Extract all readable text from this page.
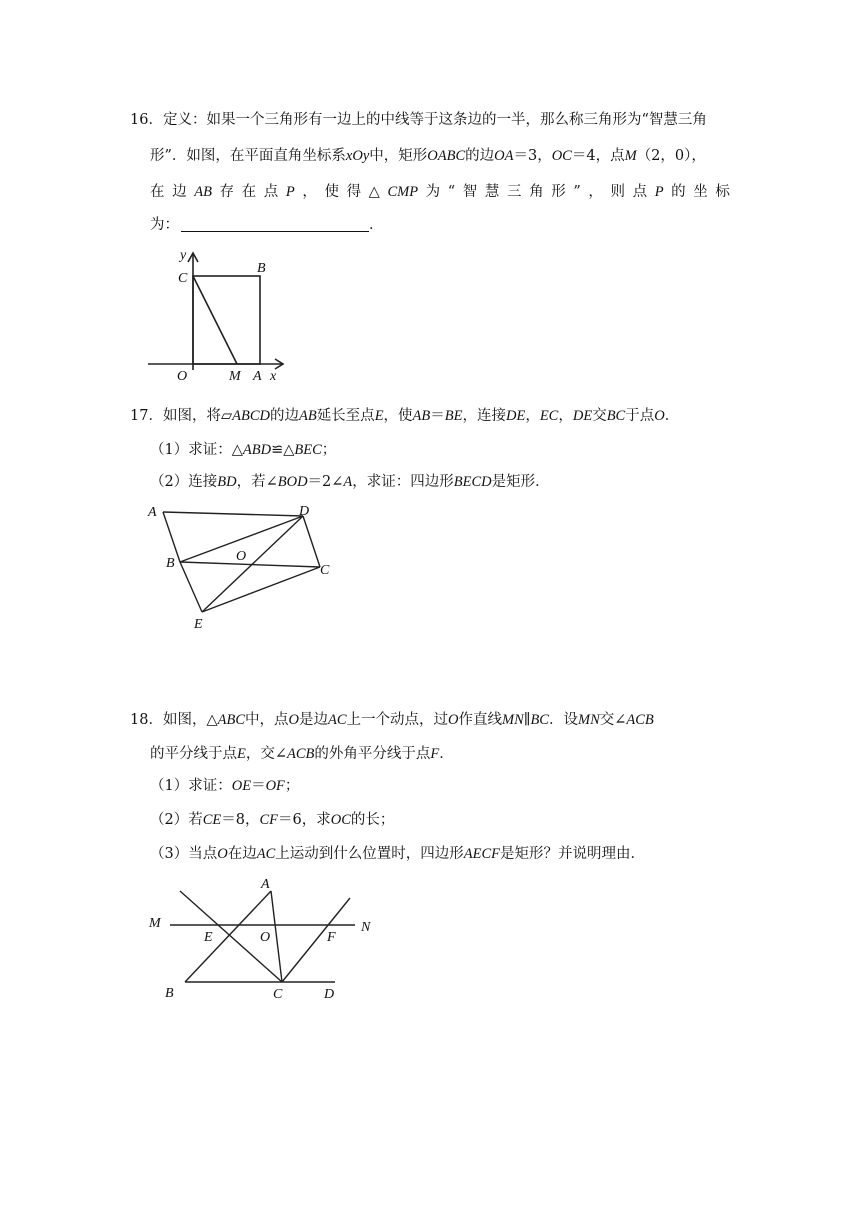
16．定义：如果一个三角形有一边上的中线等于这条边的一半，那么称三角形为“智慧三角
形”．如图，在平面直角坐标系xOy中，矩形OABC的边OA＝3，OC＝4，点M（2，0），
在 边 AB 存 在 点 P ， 使 得 △ CMP 为 “ 智 慧 三 角 形 ” ， 则 点 P 的 坐 标
为：	．
y
C
B
O	M A x
A	D
B	O
C
E
A
M
E	O	F
N
B	C	D
17．如图，将▱ABCD的边AB延长至点E，使AB＝BE，连接DE，EC，DE交BC于点O．
（1）求证：△ABD≌△BEC；
（2）连接BD，若∠BOD＝2∠A，求证：四边形BECD是矩形．
18．如图，△ABC中，点O是边AC上一个动点，过O作直线MN∥BC．设MN交∠ACB
的平分线于点E，交∠ACB的外角平分线于点F．
（1）求证：OE＝OF；
（2）若CE＝8，CF＝6，求OC的长；
（3）当点O在边AC上运动到什么位置时，四边形AECF是矩形？并说明理由．
